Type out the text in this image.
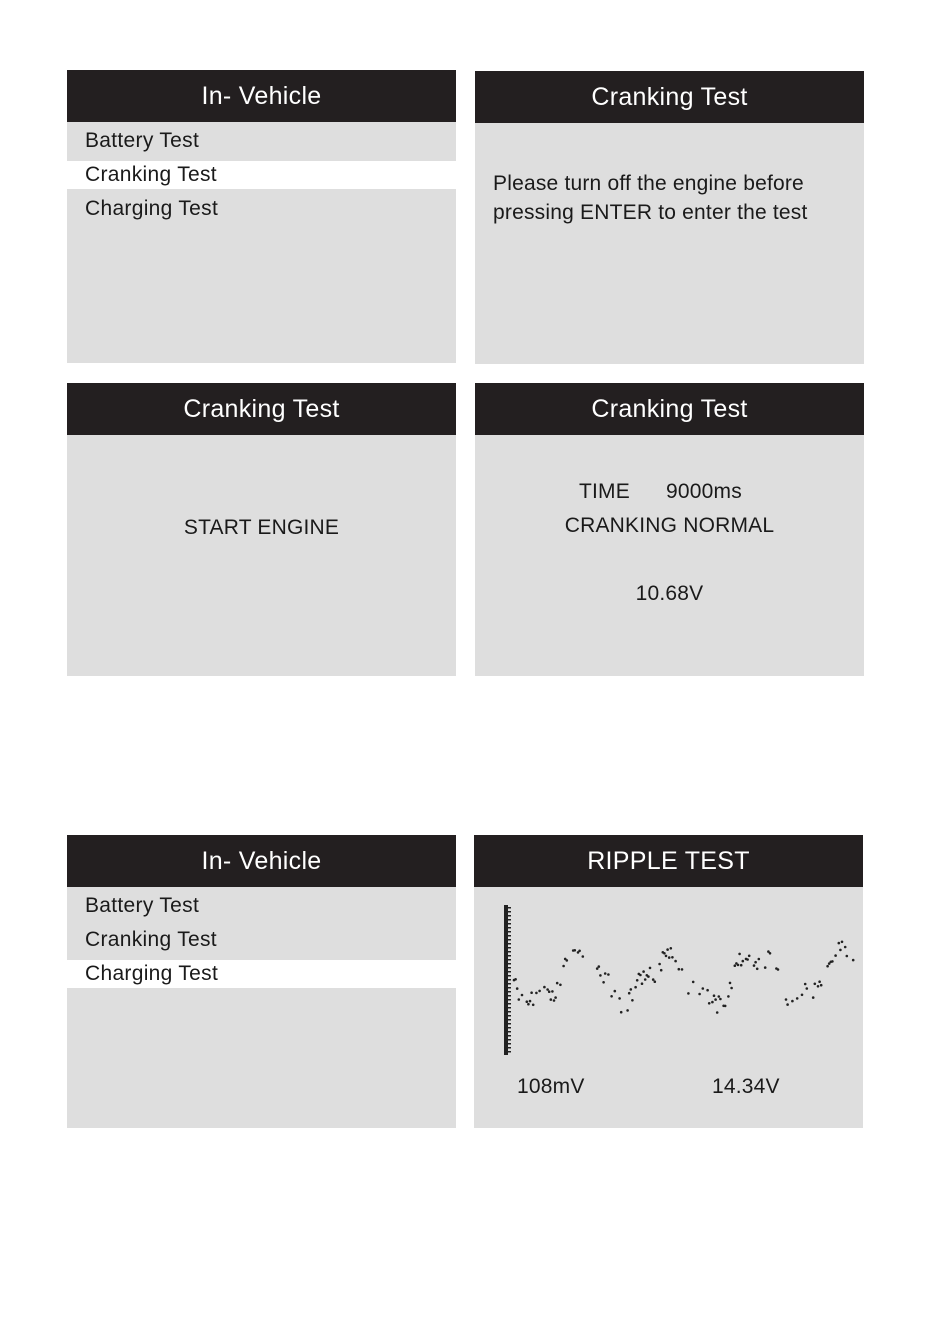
In- Vehicle
Battery Test
Cranking Test
Charging Test
Cranking Test
Please turn off the engine before
pressing ENTER to enter the test
Cranking Test
START ENGINE
Cranking Test
TIME	9000ms
CRANKING NORMAL
10.68V
In- Vehicle
Battery Test
Cranking Test
Charging Test
RIPPLE TEST
108mV	14.34V
